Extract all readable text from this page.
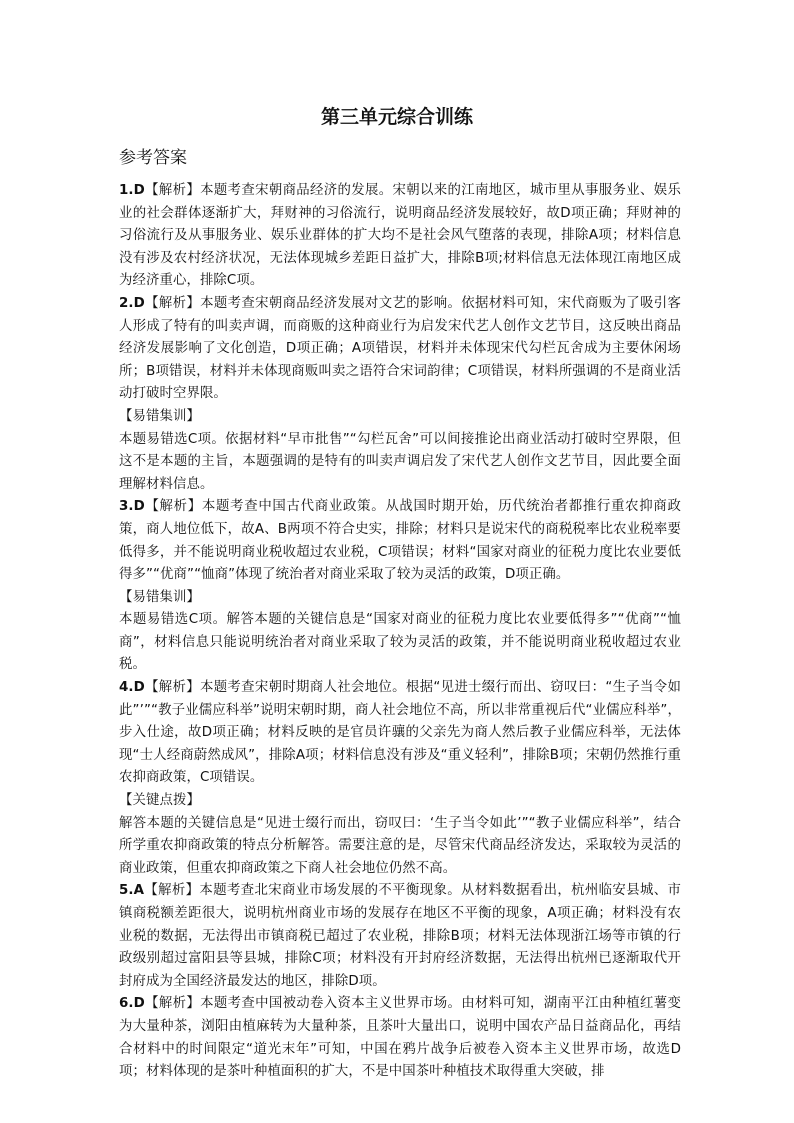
第三单元综合训练
参考答案
1.D【解析】本题考查宋朝商品经济的发展。宋朝以来的江南地区，城市里从事服务业、娱乐业的社会群体逐渐扩大，拜财神的习俗流行，说明商品经济发展较好，故D项正确；拜财神的习俗流行及从事服务业、娱乐业群体的扩大均不是社会风气堕落的表现，排除A项；材料信息没有涉及农村经济状况，无法体现城乡差距日益扩大，排除B项;材料信息无法体现江南地区成为经济重心，排除C项。
2.D【解析】本题考查宋朝商品经济发展对文艺的影响。依据材料可知，宋代商贩为了吸引客人形成了特有的叫卖声调，而商贩的这种商业行为启发宋代艺人创作文艺节目，这反映出商品经济发展影响了文化创造，D项正确；A项错误，材料并未体现宋代勾栏瓦舍成为主要休闲场所；B项错误，材料并未体现商贩叫卖之语符合宋词韵律；C项错误，材料所强调的不是商业活动打破时空界限。
【易错集训】
本题易错选C项。依据材料“早市批售”“勾栏瓦舍”可以间接推论出商业活动打破时空界限，但这不是本题的主旨，本题强调的是特有的叫卖声调启发了宋代艺人创作文艺节目，因此要全面理解材料信息。
3.D【解析】本题考查中国古代商业政策。从战国时期开始，历代统治者都推行重农抑商政策，商人地位低下，故A、B两项不符合史实，排除；材料只是说宋代的商税税率比农业税率要低得多，并不能说明商业税收超过农业税，C项错误；材料“国家对商业的征税力度比农业要低得多”“优商”“恤商”体现了统治者对商业采取了较为灵活的政策，D项正确。
【易错集训】
本题易错选C项。解答本题的关键信息是“国家对商业的征税力度比农业要低得多”“优商”“恤商”，材料信息只能说明统治者对商业采取了较为灵活的政策，并不能说明商业税收超过农业税。
4.D【解析】本题考查宋朝时期商人社会地位。根据“见进士缀行而出、窃叹曰：“生子当令如此”’”“教子业儒应科举”说明宋朝时期，商人社会地位不高，所以非常重视后代“业儒应科举”，步入仕途，故D项正确；材料反映的是官员许骧的父亲先为商人然后教子业儒应科举，无法体现“士人经商蔚然成风”，排除A项；材料信息没有涉及“重义轻利”，排除B项；宋朝仍然推行重农抑商政策，C项错误。
【关键点拨】
解答本题的关键信息是“见进士缀行而出，窃叹曰：‘生子当令如此’”“教子业儒应科举”，结合所学重农抑商政策的特点分析解答。需要注意的是，尽管宋代商品经济发达，采取较为灵活的商业政策，但重农抑商政策之下商人社会地位仍然不高。
5.A【解析】本题考查北宋商业市场发展的不平衡现象。从材料数据看出，杭州临安县城、市镇商税额差距很大，说明杭州商业市场的发展存在地区不平衡的现象，A项正确；材料没有农业税的数据，无法得出市镇商税已超过了农业税，排除B项；材料无法体现浙江场等市镇的行政级别超过富阳县等县城，排除C项；材料没有开封府经济数据，无法得出杭州已逐渐取代开封府成为全国经济最发达的地区，排除D项。
6.D【解析】本题考查中国被动卷入资本主义世界市场。由材料可知，湖南平江由种植红薯变为大量种茶，浏阳由植麻转为大量种茶，且茶叶大量出口，说明中国农产品日益商品化，再结合材料中的时间限定“道光末年”可知，中国在鸦片战争后被卷入资本主义世界市场，故选D项；材料体现的是茶叶种植面积的扩大，不是中国茶叶种植技术取得重大突破，排
